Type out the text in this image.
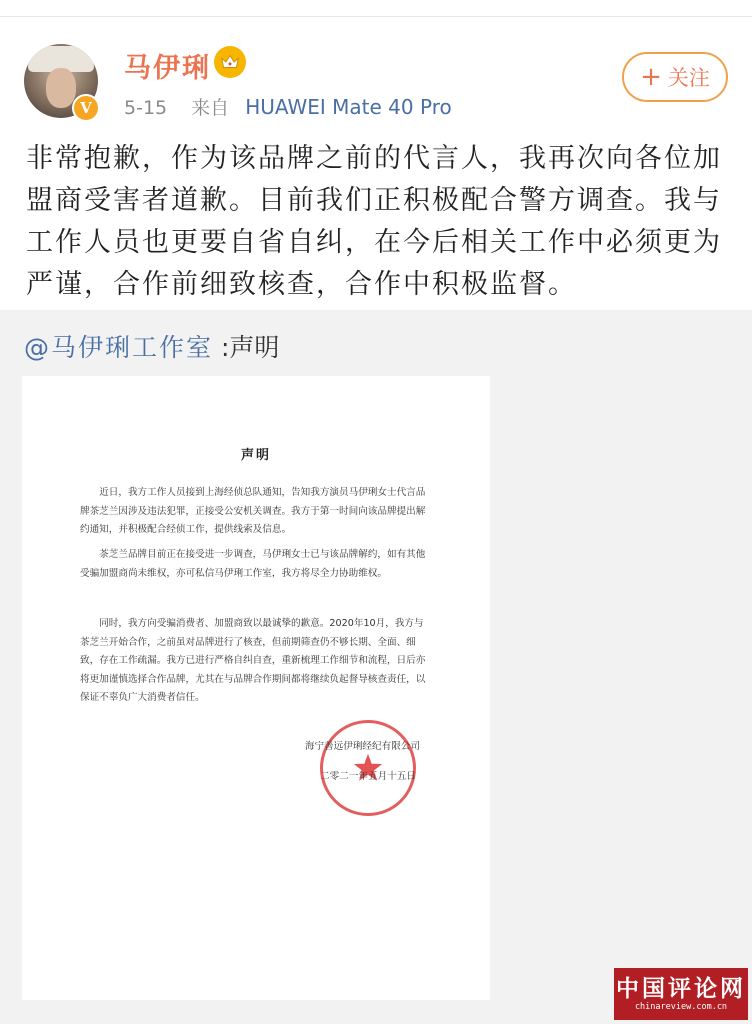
V
马伊琍
5-15 来自 HUAWEI Mate 40 Pro
+ 关注
非常抱歉，作为该品牌之前的代言人，我再次向各位加盟商受害者道歉。目前我们正积极配合警方调查。我与工作人员也更要自省自纠，在今后相关工作中必须更为严谨，合作前细致核查，合作中积极监督。
@马伊琍工作室 :声明
声明
近日，我方工作人员接到上海经侦总队通知，告知我方演员马伊琍女士代言品牌茶芝兰因涉及违法犯罪，正接受公安机关调查。我方于第一时间向该品牌提出解约通知，并积极配合经侦工作，提供线索及信息。
茶芝兰品牌目前正在接受进一步调查，马伊琍女士已与该品牌解约，如有其他受骗加盟商尚未维权，亦可私信马伊琍工作室，我方将尽全力协助维权。
同时，我方向受骗消费者、加盟商致以最诚挚的歉意。2020年10月，我方与茶芝兰开始合作，之前虽对品牌进行了核查，但前期筛查仍不够长期、全面、细致，存在工作疏漏。我方已进行严格自纠自查，重新梳理工作细节和流程，日后亦将更加谨慎选择合作品牌，尤其在与品牌合作期间都将继续负起督导核查责任，以保证不辜负广大消费者信任。
海宁善远伊琍经纪有限公司
二零二一年五月十五日
中国评论网
chinareview.com.cn
